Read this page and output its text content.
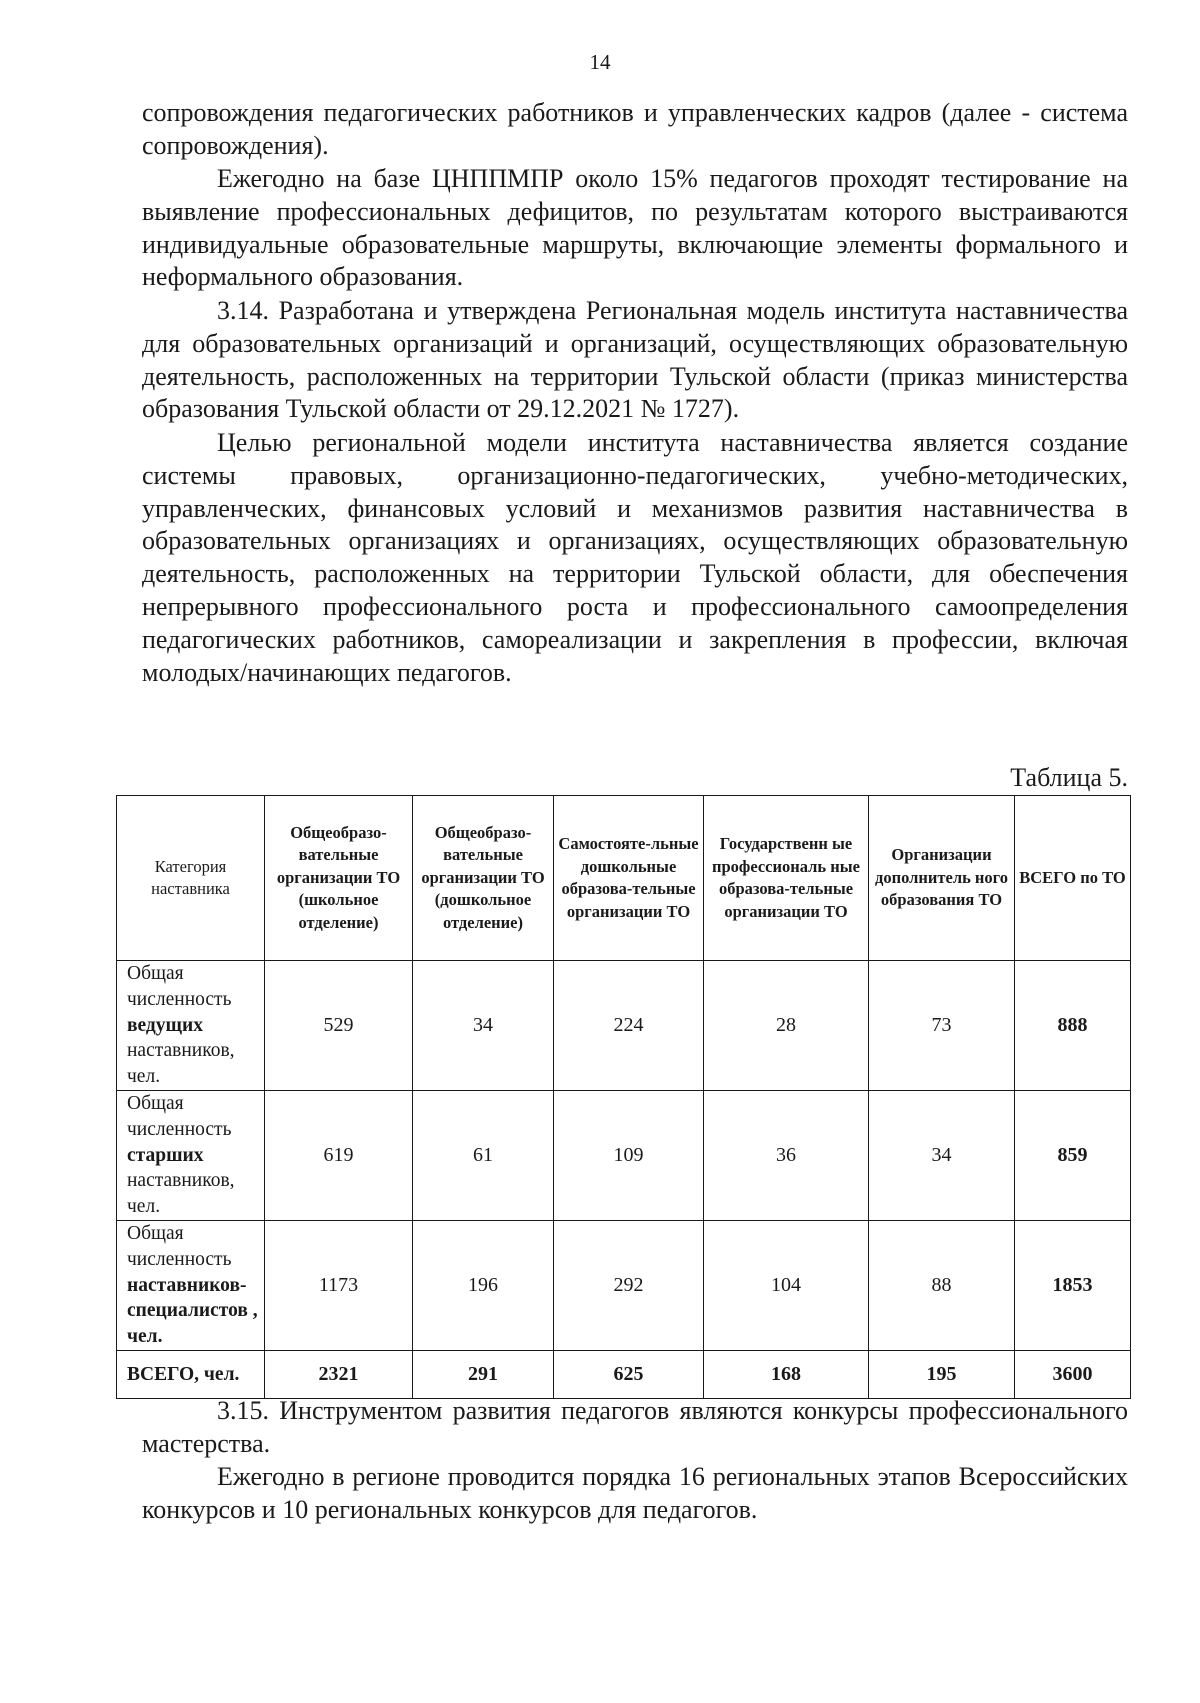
14

сопровождения педагогических работников и управленческих кадров (далее - система сопровождения).

Ежегодно на базе ЦНППМПР около 15% педагогов проходят тестирование на выявление профессиональных дефицитов, по результатам которого выстраиваются индивидуальные образовательные маршруты, включающие элементы формального и неформального образования.

3.14. Разработана и утверждена Региональная модель института наставничества для образовательных организаций и организаций, осуществляющих образовательную деятельность, расположенных на территории Тульской области (приказ министерства образования Тульской области от 29.12.2021 № 1727).

Целью региональной модели института наставничества является создание системы правовых, организационно-педагогических, учебно-методических, управленческих, финансовых условий и механизмов развития наставничества в образовательных организациях и организациях, осуществляющих образовательную деятельность, расположенных на территории Тульской области, для обеспечения непрерывного профессионального роста и профессионального самоопределения педагогических работников, самореализации и закрепления в профессии, включая молодых/начинающих педагогов.

Таблица 5.
Категория наставника	Общеобразо-вательные организации ТО (школьное отделение)	Общеобразо-вательные организации ТО (дошкольное отделение)	Самостояте-льные дошкольные образова-тельные организации ТО	Государственн ые профессиональ ные образова-тельные организации ТО	Организации дополнитель ного образования ТО	ВСЕГО по ТО
Общая численность
ведущих
наставников, чел.	529	34	224	28	73	888
Общая численность
старших
наставников, чел.	619	61	109	36	34	859
Общая численность
наставников-специалистов , чел.	1173	196	292	104	88	1853
ВСЕГО, чел.	2321	291	625	168	195	3600

3.15. Инструментом развития педагогов являются конкурсы профессионального мастерства.

Ежегодно в регионе проводится порядка 16 региональных этапов Всероссийских конкурсов и 10 региональных конкурсов для педагогов.
